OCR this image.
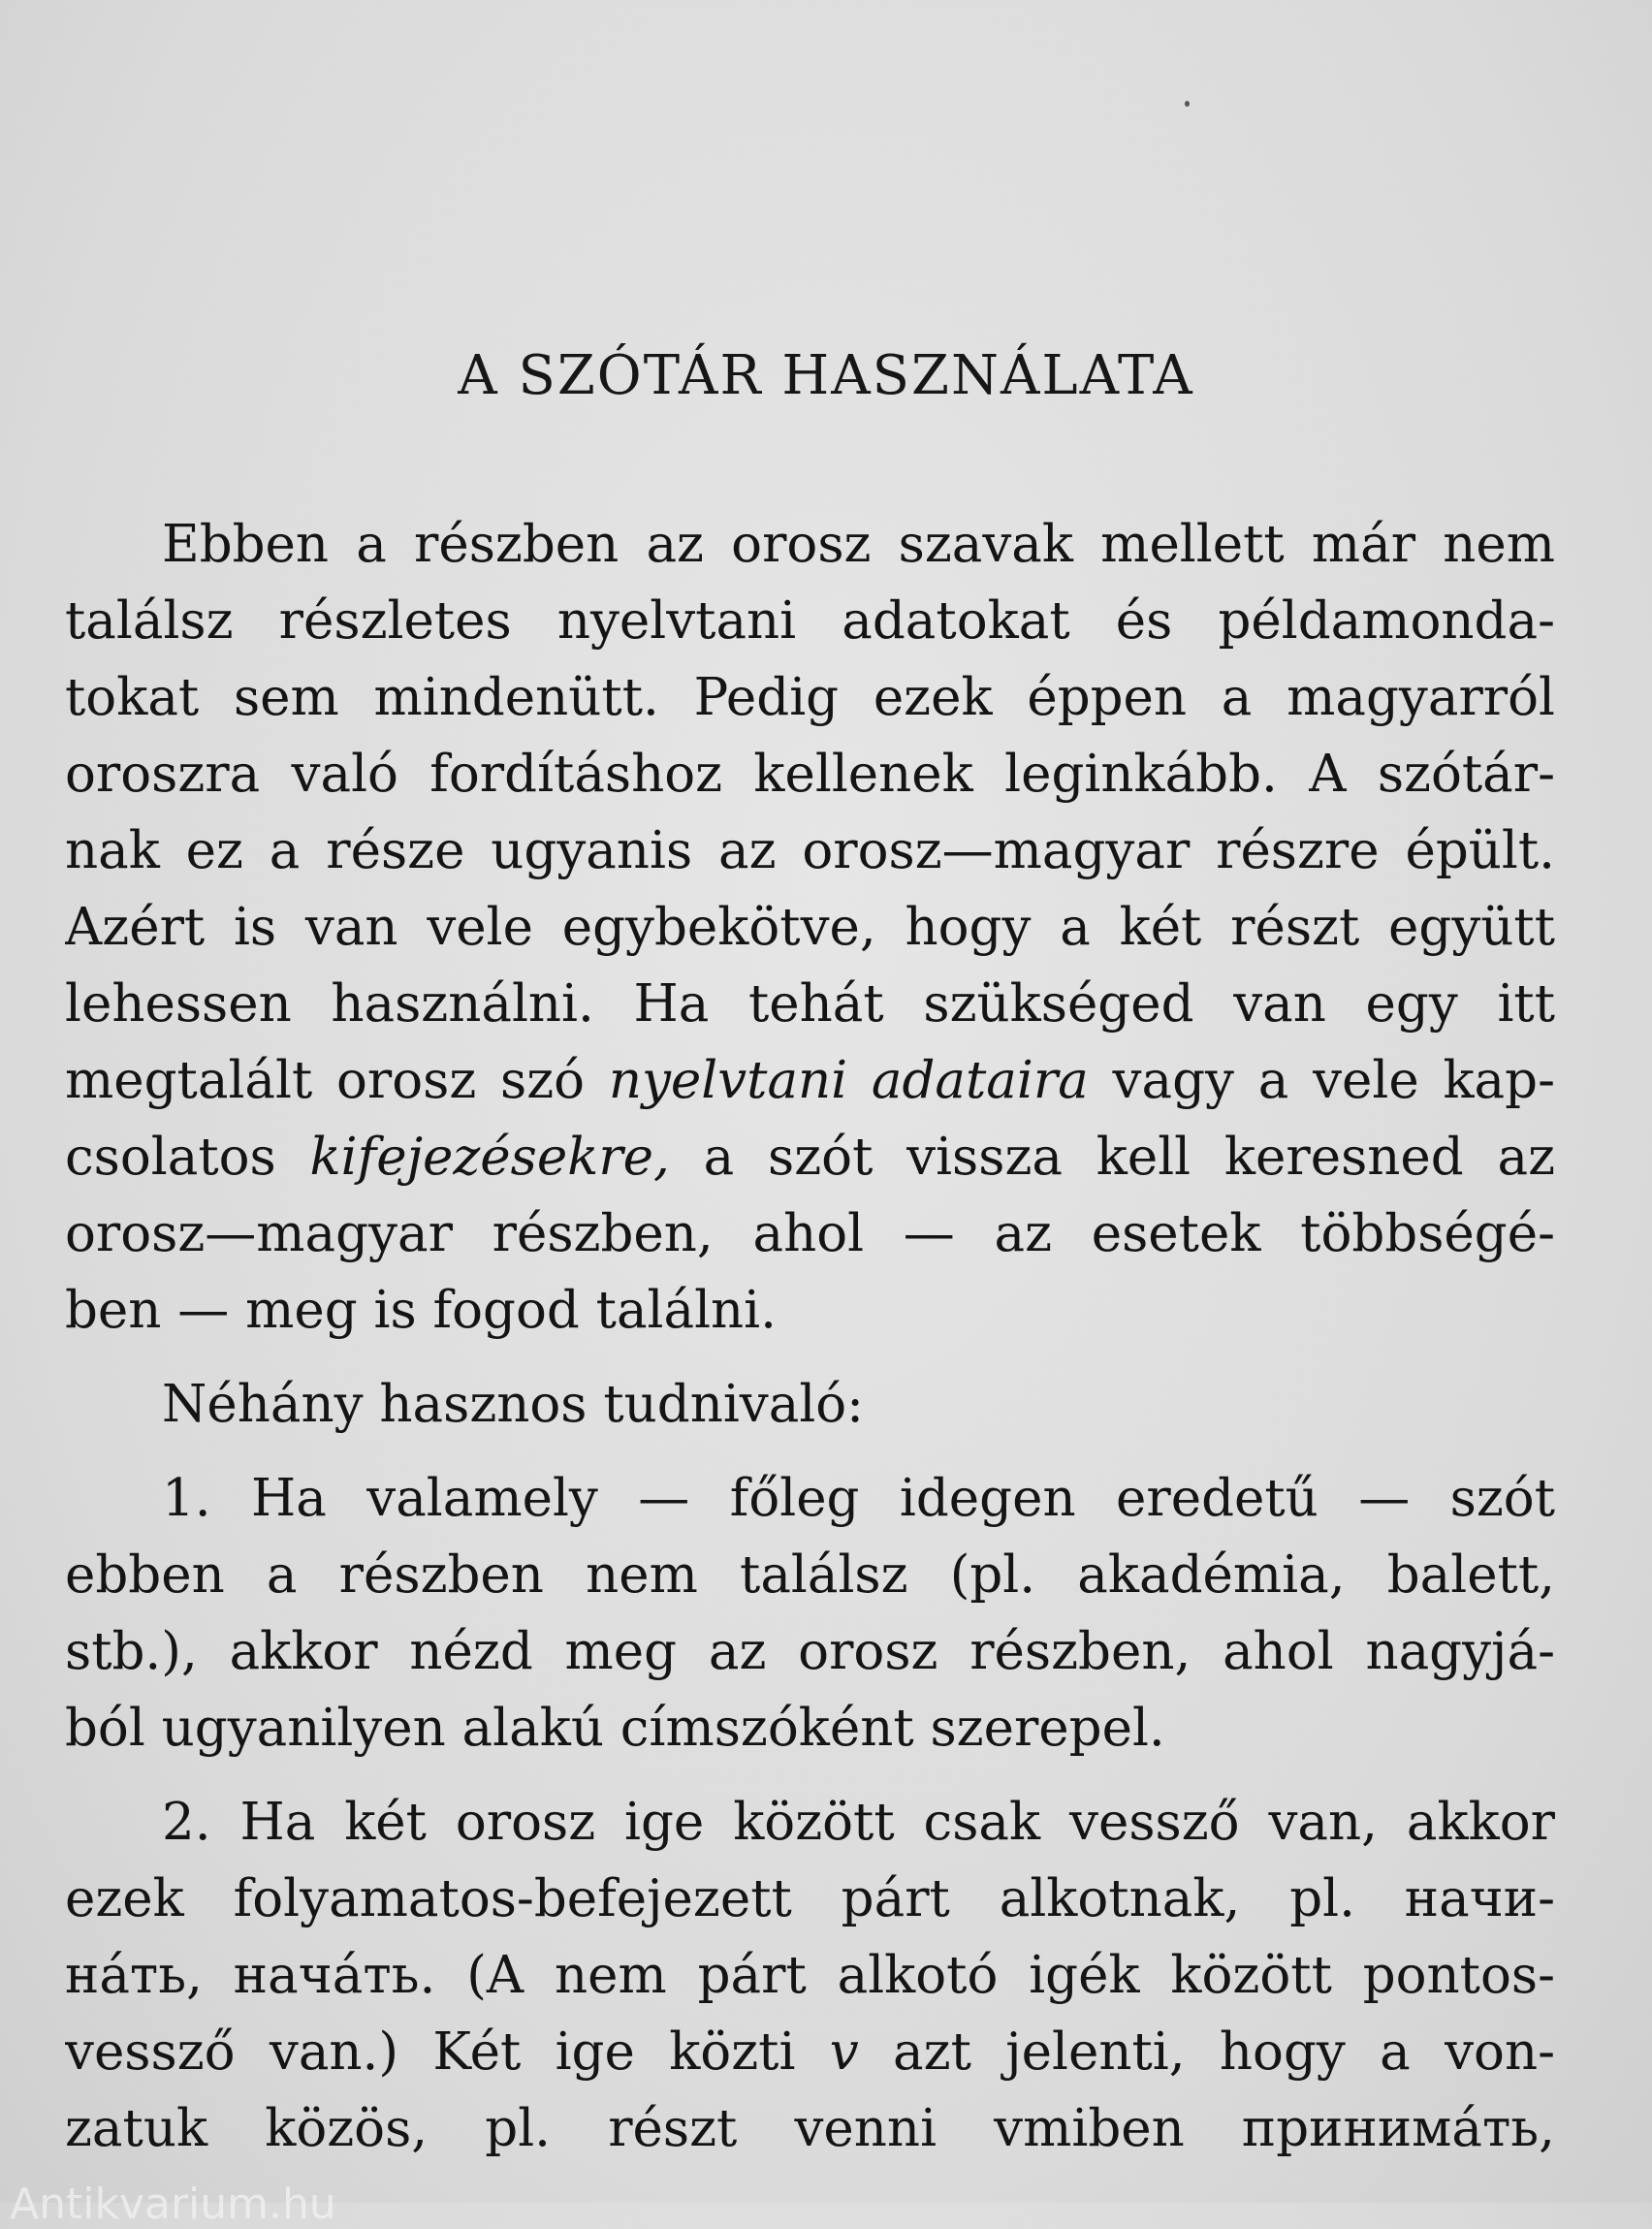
A SZÓTÁR HASZNÁLATA
Ebben a részben az orosz szavak mellett már nem
találsz részletes nyelvtani adatokat és példamonda-
tokat sem mindenütt. Pedig ezek éppen a magyarról
oroszra való fordításhoz kellenek leginkább. A szótár-
nak ez a része ugyanis az orosz—magyar részre épült.
Azért is van vele egybekötve, hogy a két részt együtt
lehessen használni. Ha tehát szükséged van egy itt
megtalált orosz szó nyelvtani adataira vagy a vele kap-
csolatos kifejezésekre, a szót vissza kell keresned az
orosz—magyar részben, ahol — az esetek többségé-
ben — meg is fogod találni.
Néhány hasznos tudnivaló:
1. Ha valamely — főleg idegen eredetű — szót
ebben a részben nem találsz (pl. akadémia, balett,
stb.), akkor nézd meg az orosz részben, ahol nagyjá-
ból ugyanilyen alakú címszóként szerepel.
2. Ha két orosz ige között csak vessző van, akkor
ezek folyamatos-befejezett párt alkotnak, pl. начи-
на́ть, нача́ть. (A nem párt alkotó igék között pontos-
vessző van.) Két ige közti v azt jelenti, hogy a von-
zatuk közös, pl. részt venni vmiben принима́ть,
Antikvarium.hu
